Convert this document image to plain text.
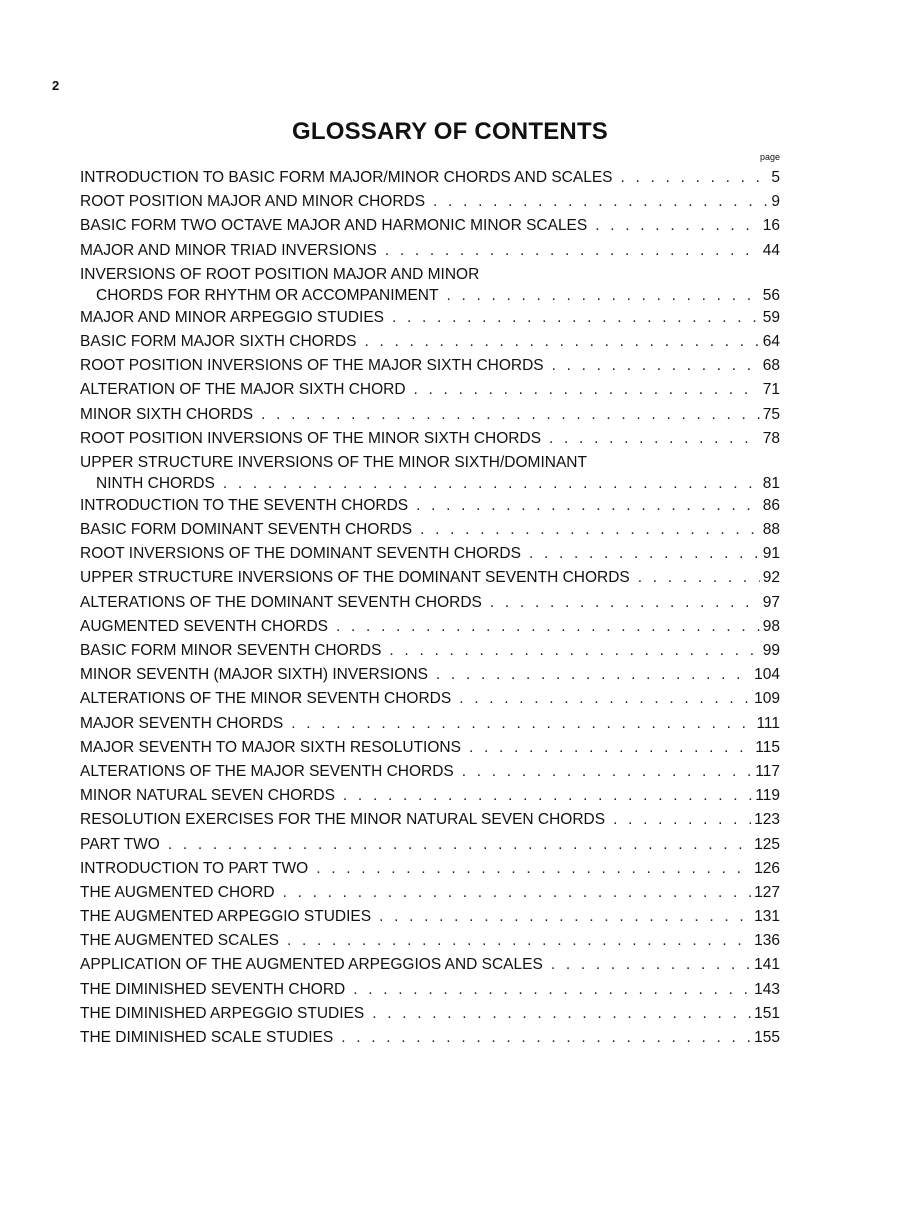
2
GLOSSARY OF CONTENTS
page
INTRODUCTION TO BASIC FORM MAJOR/MINOR CHORDS AND SCALES . . .	5
ROOT POSITION MAJOR AND MINOR CHORDS . . .	9
BASIC FORM TWO OCTAVE MAJOR AND HARMONIC MINOR SCALES . . .	16
MAJOR AND MINOR TRIAD INVERSIONS . . .	44
INVERSIONS OF ROOT POSITION MAJOR AND MINOR
CHORDS FOR RHYTHM OR ACCOMPANIMENT . . .	56
MAJOR AND MINOR ARPEGGIO STUDIES . . .	59
BASIC FORM MAJOR SIXTH CHORDS . . .	64
ROOT POSITION INVERSIONS OF THE MAJOR SIXTH CHORDS . . .	68
ALTERATION OF THE MAJOR SIXTH CHORD . . .	71
MINOR SIXTH CHORDS . . .	75
ROOT POSITION INVERSIONS OF THE MINOR SIXTH CHORDS . . .	78
UPPER STRUCTURE INVERSIONS OF THE MINOR SIXTH/DOMINANT
NINTH CHORDS . . .	81
INTRODUCTION TO THE SEVENTH CHORDS . . .	86
BASIC FORM DOMINANT SEVENTH CHORDS . . .	88
ROOT INVERSIONS OF THE DOMINANT SEVENTH CHORDS . . .	91
UPPER STRUCTURE INVERSIONS OF THE DOMINANT SEVENTH CHORDS . . .	92
ALTERATIONS OF THE DOMINANT SEVENTH CHORDS . . .	97
AUGMENTED SEVENTH CHORDS . . .	98
BASIC FORM MINOR SEVENTH CHORDS . . .	99
MINOR SEVENTH (MAJOR SIXTH) INVERSIONS . . .	104
ALTERATIONS OF THE MINOR SEVENTH CHORDS . . .	109
MAJOR SEVENTH CHORDS . . .	111
MAJOR SEVENTH TO MAJOR SIXTH RESOLUTIONS . . .	115
ALTERATIONS OF THE MAJOR SEVENTH CHORDS . . .	117
MINOR NATURAL SEVEN CHORDS . . .	119
RESOLUTION EXERCISES FOR THE MINOR NATURAL SEVEN CHORDS . . .	123
PART TWO . . .	125
INTRODUCTION TO PART TWO . . .	126
THE AUGMENTED CHORD . . .	127
THE AUGMENTED ARPEGGIO STUDIES . . .	131
THE AUGMENTED SCALES . . .	136
APPLICATION OF THE AUGMENTED ARPEGGIOS AND SCALES . . .	141
THE DIMINISHED SEVENTH CHORD . . .	143
THE DIMINISHED ARPEGGIO STUDIES . . .	151
THE DIMINISHED SCALE STUDIES . . .	155
